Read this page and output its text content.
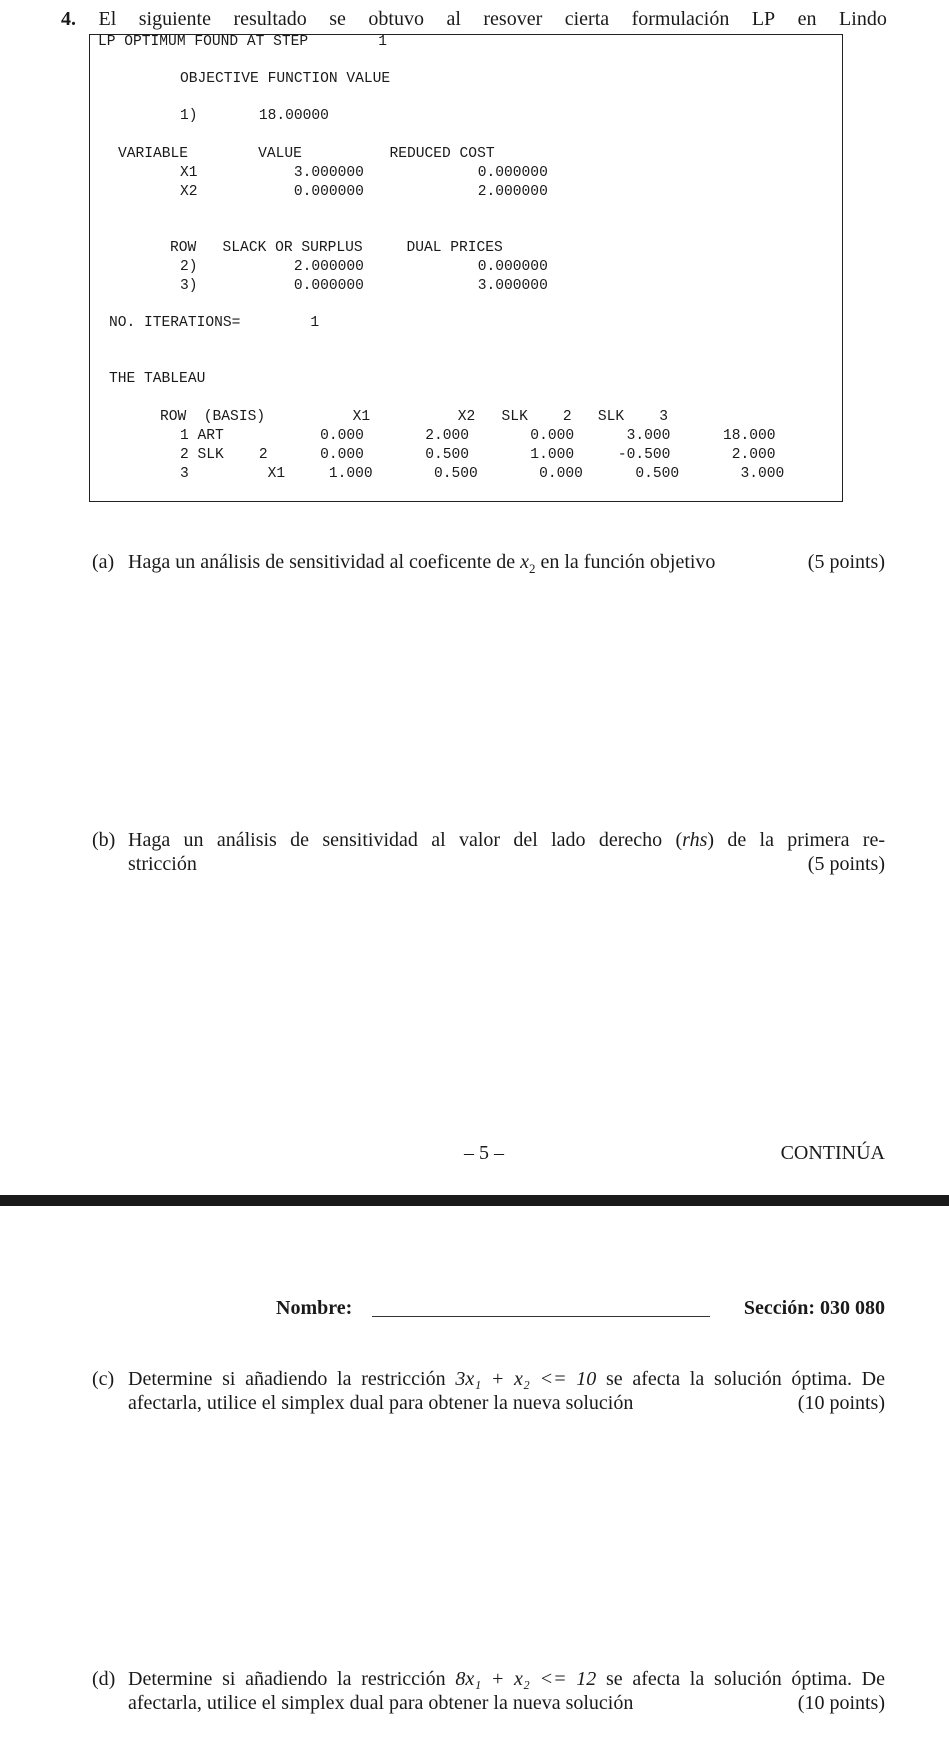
4. El siguiente resultado se obtuvo al resover cierta formulación LP en Lindo
LP OPTIMUM FOUND AT STEP        1
OBJECTIVE FUNCTION VALUE
1)       18.00000
VARIABLE        VALUE          REDUCED COST
X1           3.000000             0.000000
X2           0.000000             2.000000
ROW   SLACK OR SURPLUS     DUAL PRICES
2)           2.000000             0.000000
3)           0.000000             3.000000
NO. ITERATIONS=        1
THE TABLEAU
ROW  (BASIS)          X1          X2   SLK    2   SLK    3
1 ART           0.000       2.000       0.000      3.000      18.000
2 SLK    2      0.000       0.500       1.000     -0.500       2.000
3         X1     1.000       0.500       0.000      0.500       3.000
(a) Haga un análisis de sensitividad al coeficente de $x_2$ en la función objetivo	(5 points)
(b) Haga un análisis de sensitividad al valor del lado derecho (rhs) de la primera re-
stricción	(5 points)
– 5 –	CONTINÚA
Nombre:	Sección: 030 080
(c) Determine si añadiendo la restricción 3x₁ + x₂ <= 10 se afecta la solución óptima. De
afectarla, utilice el simplex dual para obtener la nueva solución	(10 points)
(d) Determine si añadiendo la restricción 8x₁ + x₂ <= 12 se afecta la solución óptima. De
afectarla, utilice el simplex dual para obtener la nueva solución	(10 points)
